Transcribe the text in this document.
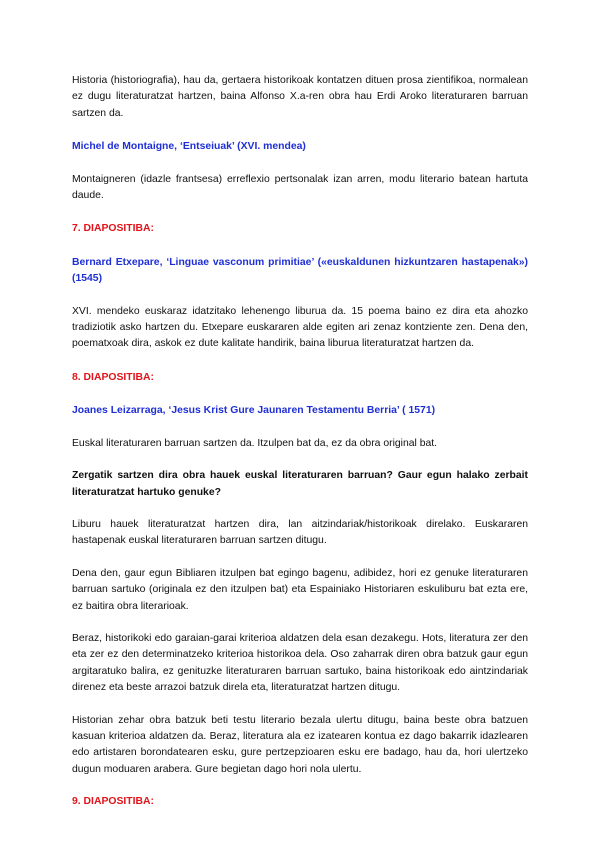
Historia (historiografia), hau da, gertaera historikoak kontatzen dituen prosa zientifikoa, normalean ez dugu literaturatzat hartzen, baina Alfonso X.a-ren obra hau Erdi Aroko literaturaren barruan sartzen da.

Michel de Montaigne, ‘Entseiuak’ (XVI. mendea)

Montaigneren (idazle frantsesa) erreflexio pertsonalak izan arren, modu literario batean hartuta daude.

7. DIAPOSITIBA:

Bernard Etxepare, ‘Linguae vasconum primitiae’ («euskaldunen hizkuntzaren hastapenak») (1545)

XVI. mendeko euskaraz idatzitako lehenengo liburua da. 15 poema baino ez dira eta ahozko tradiziotik asko hartzen du. Etxepare euskararen alde egiten ari zenaz kontziente zen. Dena den, poematxoak dira, askok ez dute kalitate handirik, baina liburua literaturatzat hartzen da.

8. DIAPOSITIBA:

Joanes Leizarraga, ‘Jesus Krist Gure Jaunaren Testamentu Berria’ ( 1571)

Euskal literaturaren barruan sartzen da. Itzulpen bat da, ez da obra original bat.

Zergatik sartzen dira obra hauek euskal literaturaren barruan? Gaur egun halako zerbait literaturatzat hartuko genuke?

Liburu hauek literaturatzat hartzen dira, lan aitzindariak/historikoak direlako. Euskararen hastapenak euskal literaturaren barruan sartzen ditugu.

Dena den, gaur egun Bibliaren itzulpen bat egingo bagenu, adibidez, hori ez genuke literaturaren barruan sartuko (originala ez den itzulpen bat) eta Espainiako Historiaren eskuliburu bat ezta ere, ez baitira obra literarioak.

Beraz, historikoki edo garaian-garai kriterioa aldatzen dela esan dezakegu. Hots, literatura zer den eta zer ez den determinatzeko kriterioa historikoa dela. Oso zaharrak diren obra batzuk gaur egun argitaratuko balira, ez genituzke literaturaren barruan sartuko, baina historikoak edo aintzindariak direnez eta beste arrazoi batzuk direla eta, literaturatzat hartzen ditugu.

Historian zehar obra batzuk beti testu literario bezala ulertu ditugu, baina beste obra batzuen kasuan kriterioa aldatzen da. Beraz, literatura ala ez izatearen kontua ez dago bakarrik idazlearen edo artistaren borondatearen esku, gure pertzepzioaren esku ere badago, hau da, hori ulertzeko dugun moduaren arabera. Gure begietan dago hori nola ulertu.

9. DIAPOSITIBA:
